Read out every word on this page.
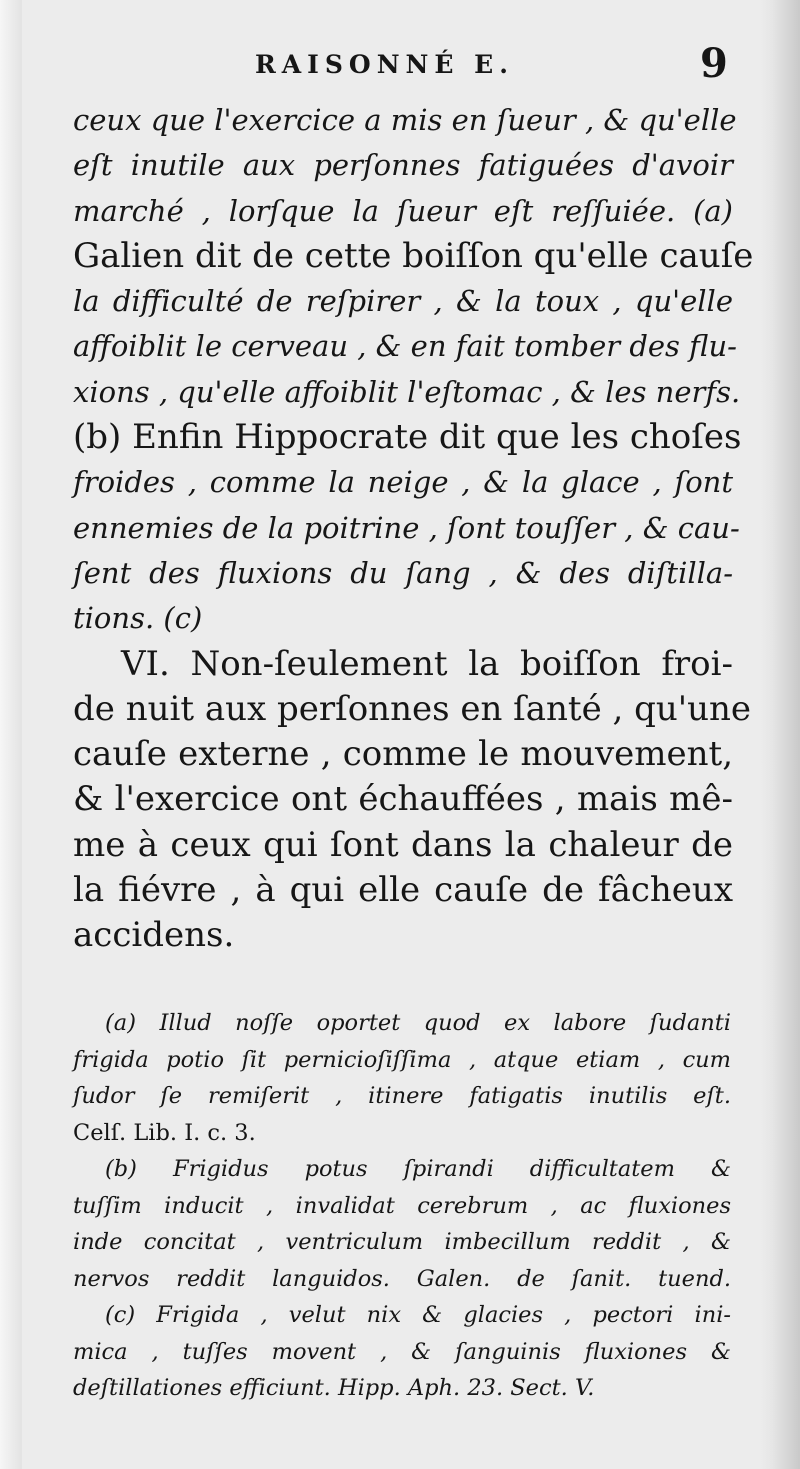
RAISONNÉ E.	9
ceux que l'exercice a mis en ſueur , & qu'elle
eſt inutile aux perſonnes fatiguées d'avoir
marché , lorſque la ſueur eſt reſſuiée. (a)
Galien dit de cette boiſſon qu'elle cauſe
la difficulté de reſpirer , & la toux , qu'elle
affoiblit le cerveau , & en fait tomber des flu-
xions , qu'elle affoiblit l'eſtomac , & les nerfs.
(b) Enfin Hippocrate dit que les choſes
froides , comme la neige , & la glace , ſont
ennemies de la poitrine , ſont touſſer , & cau-
ſent des fluxions du ſang , & des diſtilla-
tions. (c)
VI. Non-ſeulement la boiſſon froi-
de nuit aux perſonnes en ſanté , qu'une
cauſe externe , comme le mouvement,
& l'exercice ont échauffées , mais mê-
me à ceux qui ſont dans la chaleur de
la fiévre , à qui elle cauſe de fâcheux
accidens.
(a) Illud noſſe oportet quod ex labore ſudanti
frigida potio ſit pernicioſiſſima , atque etiam , cum
ſudor ſe remiſerit , itinere fatigatis inutilis eſt.
Celſ. Lib. I. c. 3.
(b) Frigidus potus ſpirandi difficultatem &
tuſſim inducit , invalidat cerebrum , ac fluxiones
inde concitat , ventriculum imbecillum reddit , &
nervos reddit languidos. Galen. de ſanit. tuend.
(c) Frigida , velut nix & glacies , pectori ini-
mica , tuſſes movent , & ſanguinis fluxiones &
deſtillationes efficiunt. Hipp. Aph. 23. Sect. V.
